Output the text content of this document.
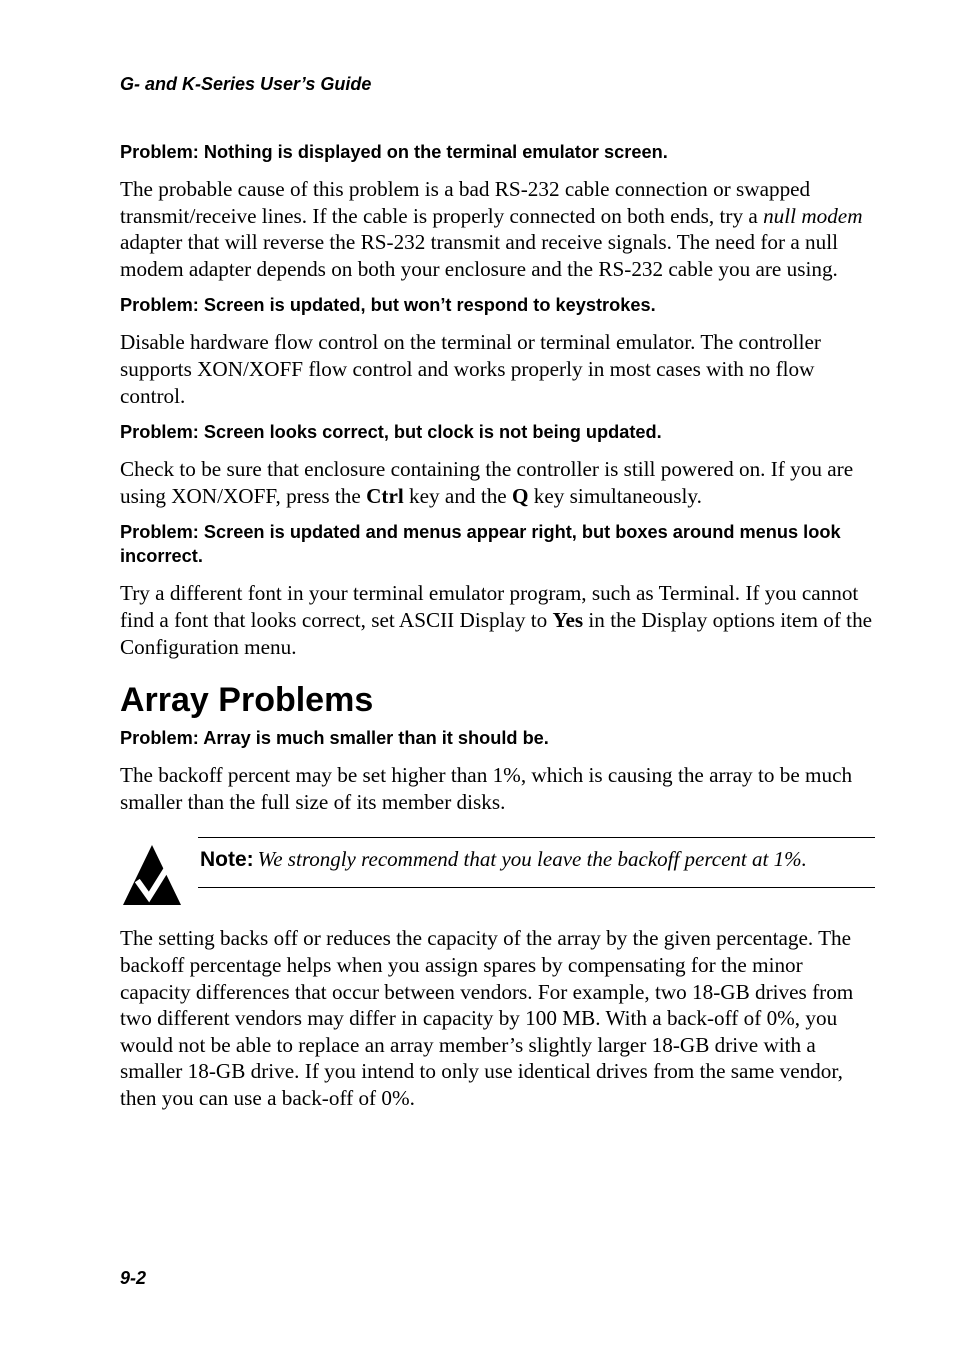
G- and K-Series User’s Guide
Problem: Nothing is displayed on the terminal emulator screen.
The probable cause of this problem is a bad RS-232 cable connection or swapped transmit/receive lines. If the cable is properly connected on both ends, try a null modem adapter that will reverse the RS-232 transmit and receive signals. The need for a null modem adapter depends on both your enclosure and the RS-232 cable you are using.
Problem: Screen is updated, but won’t respond to keystrokes.
Disable hardware flow control on the terminal or terminal emulator. The controller supports XON/XOFF flow control and works properly in most cases with no flow control.
Problem: Screen looks correct, but clock is not being updated.
Check to be sure that enclosure containing the controller is still powered on. If you are using XON/XOFF, press the Ctrl key and the Q key simultaneously.
Problem: Screen is updated and menus appear right, but boxes around menus look incorrect.
Try a different font in your terminal emulator program, such as Terminal. If you cannot find a font that looks correct, set ASCII Display to Yes in the Display options item of the Configuration menu.
Array Problems
Problem: Array is much smaller than it should be.
The backoff percent may be set higher than 1%, which is causing the array to be much smaller than the full size of its member disks.
Note: We strongly recommend that you leave the backoff percent at 1%.
The setting backs off or reduces the capacity of the array by the given percentage. The backoff percentage helps when you assign spares by compensating for the minor capacity differences that occur between vendors. For example, two 18-GB drives from two different vendors may differ in capacity by 100 MB. With a back-off of 0%, you would not be able to replace an array member’s slightly larger 18-GB drive with a smaller 18-GB drive. If you intend to only use identical drives from the same vendor, then you can use a back-off of 0%.
9-2
